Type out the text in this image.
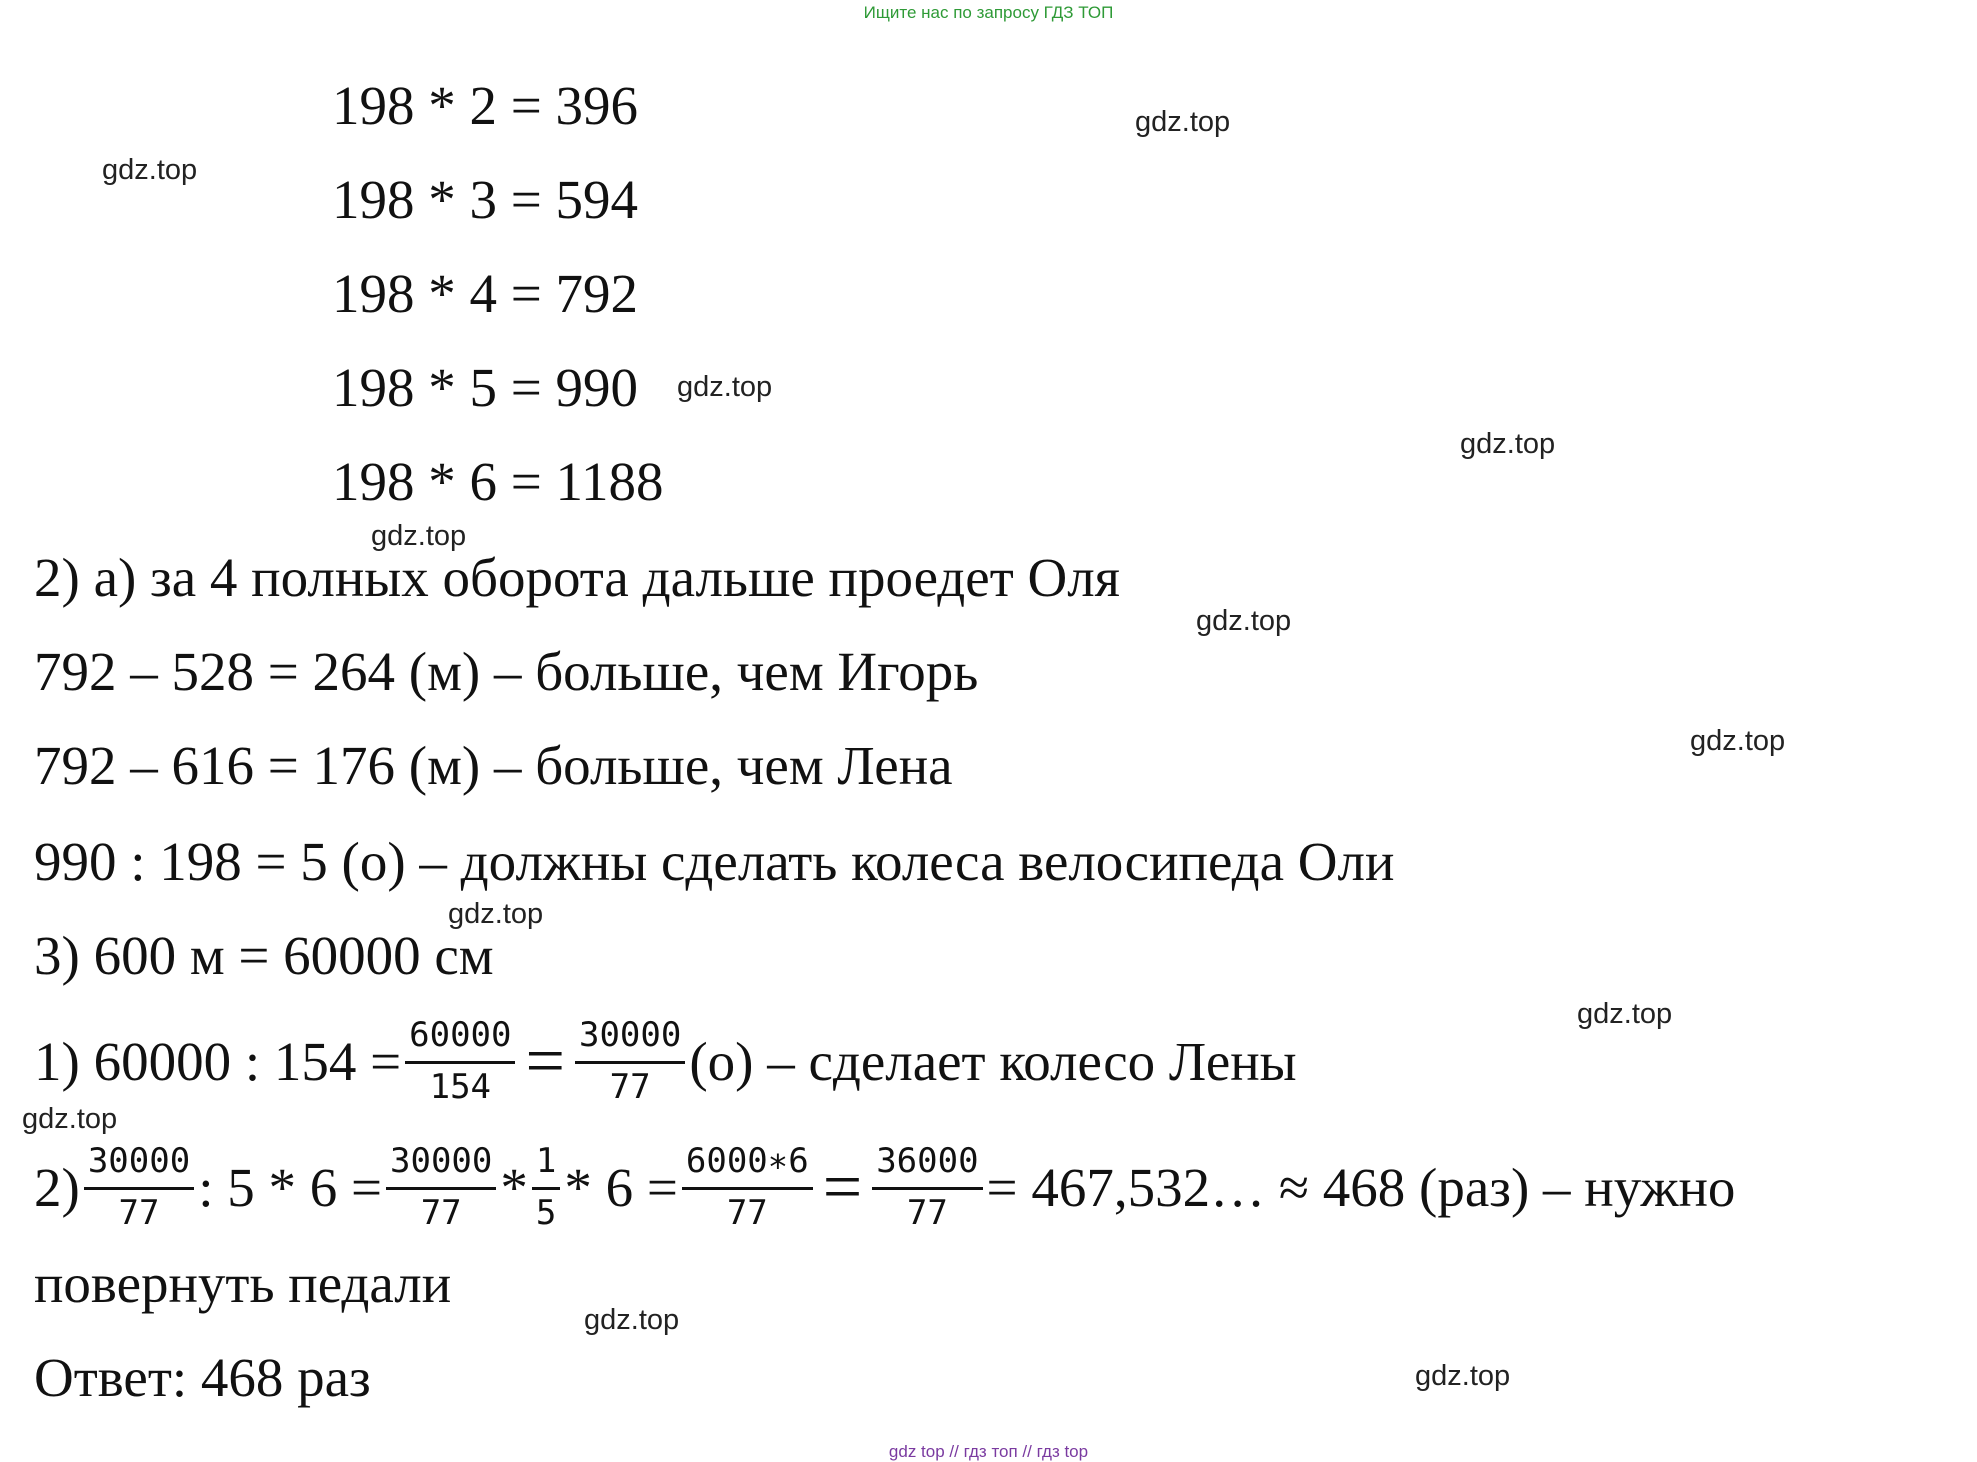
Ищите нас по запросу ГДЗ ТОП
198 * 2 = 396
198 * 3 = 594
198 * 4 = 792
198 * 5 = 990
198 * 6 = 1188
2) а) за 4 полных оборота дальше проедет Оля
792 – 528 = 264 (м) – больше, чем Игорь
792 – 616 = 176 (м) – больше, чем Лена
990 : 198 = 5 (о) – должны сделать колеса велосипеда Оли
3) 600 м = 60000 см
1) 60000 : $154 = \frac{60000}{154} = \frac{30000}{77} (о)$ – сделает колесо Лены
$2) \frac{30000}{77}$ : $5 * 6 = \frac{30000}{77} * \frac{1}{5} * 6 = \frac{6000∗6}{77} = \frac{36000}{77}$ = 467,532… ≈ 468 (раз) – нужно
повернуть педали
Ответ: 468 раз
gdz.top
gdz.top
gdz.top
gdz.top
gdz.top
gdz.top
gdz.top
gdz.top
gdz.top
gdz.top
gdz.top
gdz.top
gdz top // гдз топ // гдз top
